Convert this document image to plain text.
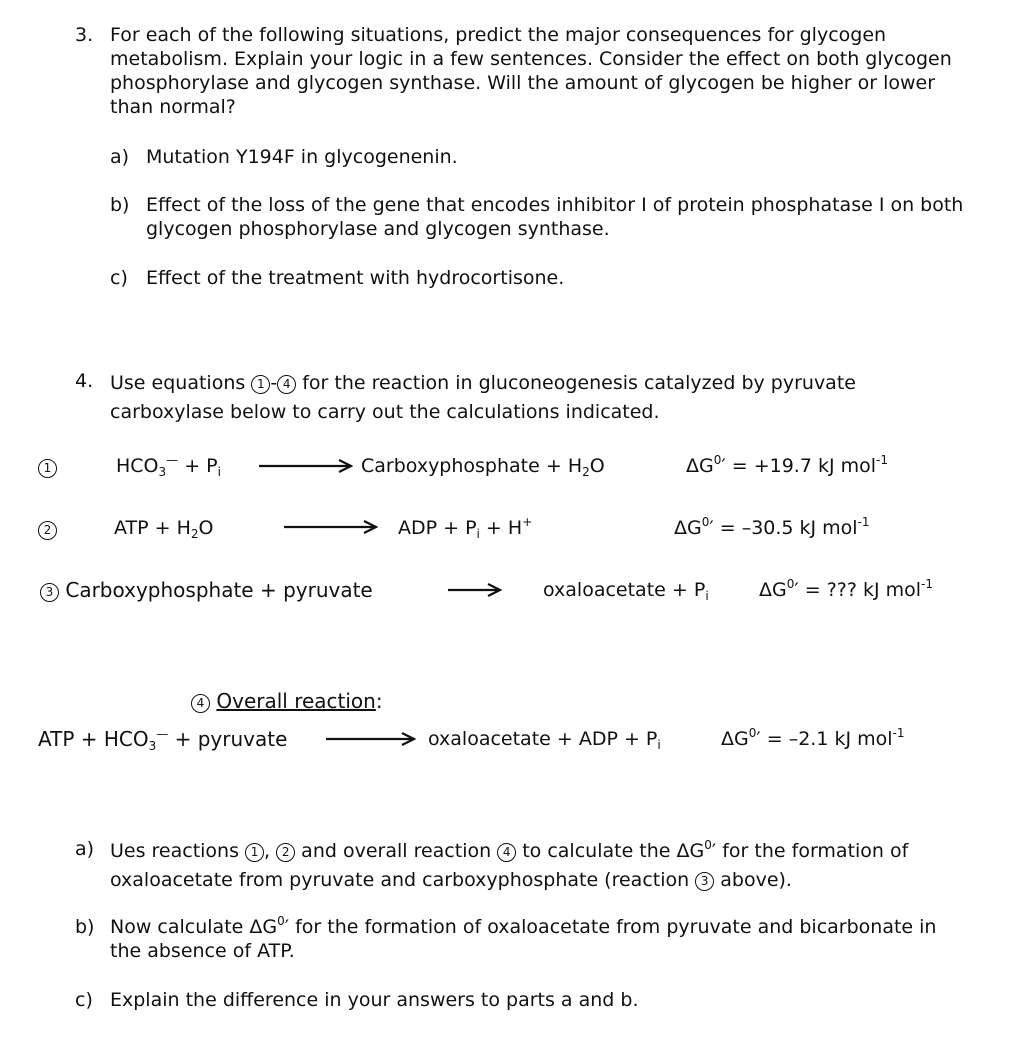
3. For each of the following situations, predict the major consequences for glycogen metabolism. Explain your logic in a few sentences. Consider the effect on both glycogen phosphorylase and glycogen synthase. Will the amount of glycogen be higher or lower than normal?
a) Mutation Y194F in glycogenenin.
b) Effect of the loss of the gene that encodes inhibitor I of protein phosphatase I on both glycogen phosphorylase and glycogen synthase.
c) Effect of the treatment with hydrocortisone.
4. Use equations 1 - 4 for the reaction in gluconeogenesis catalyzed by pyruvate carboxylase below to carry out the calculations indicated.
1	$HCO_3^— + P_i$	Carboxyphosphate + $H_2O$	$\Delta G^0' = +19.7$ kJ mol$^{-1}$
2	ATP + $H_2O$	ADP + $P_i + H^+$	$\Delta G^0' = -30.5$ kJ mol$^{-1}$
3 Carboxyphosphate + pyruvate	oxaloacetate + $P_i$	$\Delta G^0'$ = ??? kJ mol$^{-1}$
4 Overall reaction:
ATP + $HCO_3^—$ + pyruvate	oxaloacetate + ADP + $P_i$	$\Delta G^0' = -2.1$ kJ mol$^{-1}$
a) Ues reactions 1 , 2 and overall reaction 4 to calculate the $\Delta G^0'$ for the formation of oxaloacetate from pyruvate and carboxyphosphate (reaction 3 above).
b) Now calculate $\Delta G^0'$ for the formation of oxaloacetate from pyruvate and bicarbonate in the absence of ATP.
c) Explain the difference in your answers to parts a and b.
